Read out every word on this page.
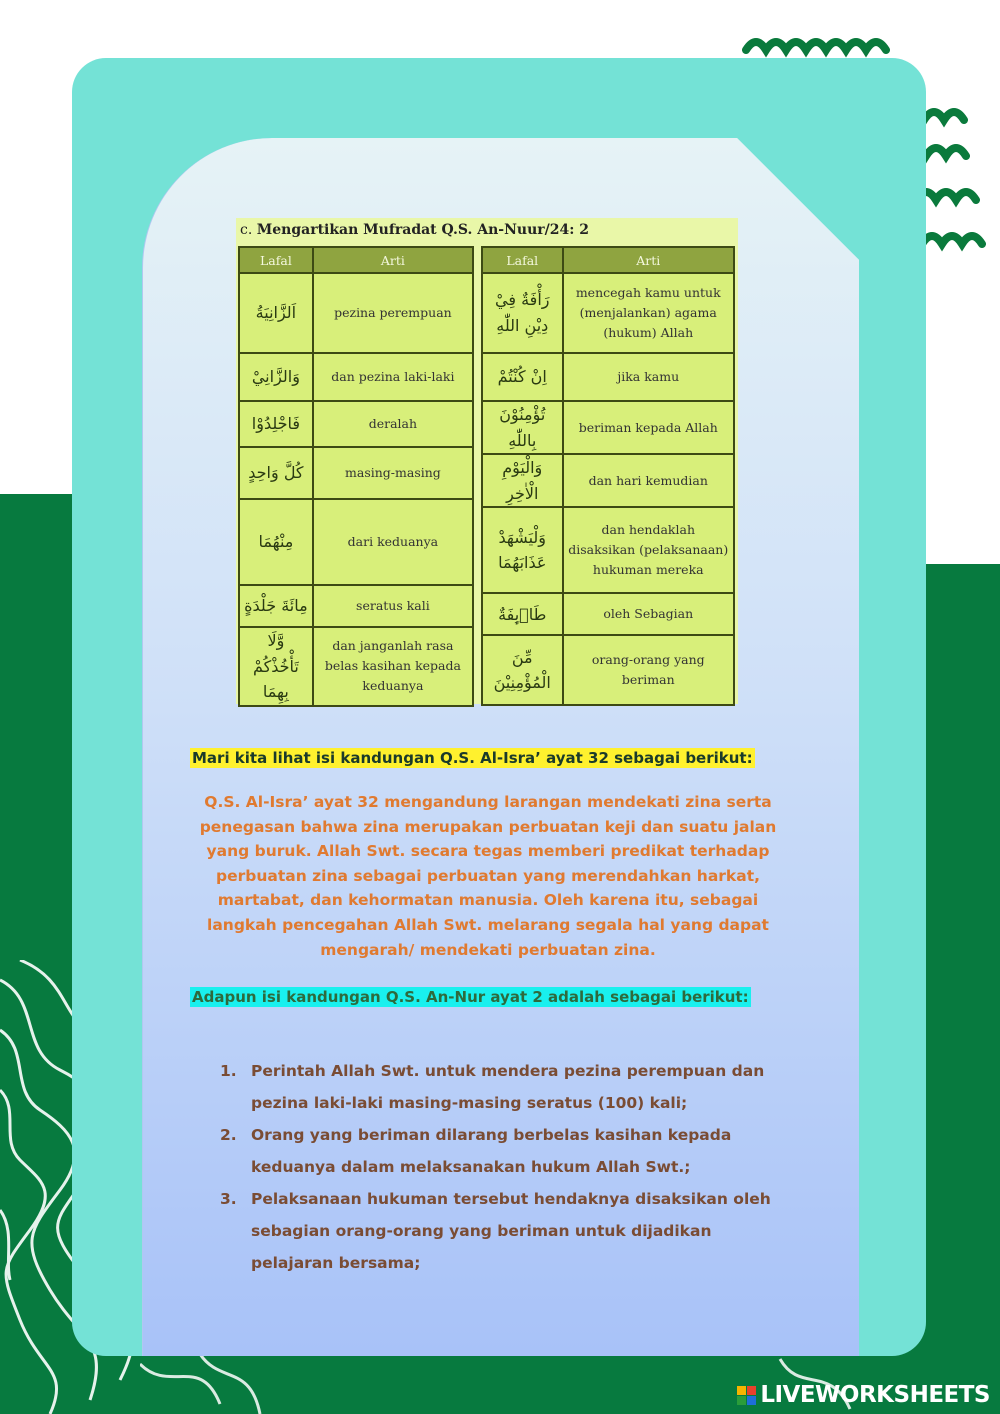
c. Mengartikan Mufradat Q.S. An-Nuur/24: 2
Lafal	Arti
اَلزَّانِيَةُ	pezina perempuan
وَالزَّانِيْ	dan pezina laki-laki
فَاجْلِدُوْا	deralah
كُلَّ وَاحِدٍ	masing-masing
مِنْهُمَا	dari keduanya
مِائَةَ جَلْدَةٍ	seratus kali
وَّلَا تَأْخُذْكُمْ بِهِمَا	dan janganlah rasa belas kasihan kepada keduanya
Lafal	Arti
رَأْفَةٌ فِيْ دِيْنِ اللّٰهِ	mencegah kamu untuk (menjalankan) agama (hukum) Allah
اِنْ كُنْتُمْ	jika kamu
تُؤْمِنُوْنَ بِاللّٰهِ	beriman kepada Allah
وَالْيَوْمِ الْاٰخِرِ	dan hari kemudian
وَلْيَشْهَدْ عَذَابَهُمَا	dan hendaklah disaksikan (pelaksanaan) hukuman mereka
طَاۤىِٕفَةٌ	oleh Sebagian
مِّنَ الْمُؤْمِنِيْنَ	orang-orang yang beriman
Mari kita lihat isi kandungan Q.S. Al-Isra’ ayat 32 sebagai berikut:
Q.S. Al-Isra’ ayat 32 mengandung larangan mendekati zina serta penegasan bahwa zina merupakan perbuatan keji dan suatu jalan yang buruk. Allah Swt. secara tegas memberi predikat terhadap perbuatan zina sebagai perbuatan yang merendahkan harkat, martabat, dan kehormatan manusia. Oleh karena itu, sebagai langkah pencegahan Allah Swt. melarang segala hal yang dapat mengarah/ mendekati perbuatan zina.
Adapun isi kandungan Q.S. An-Nur ayat 2 adalah sebagai berikut:
1. Perintah Allah Swt. untuk mendera pezina perempuan dan pezina laki-laki masing-masing seratus (100) kali;
2. Orang yang beriman dilarang berbelas kasihan kepada keduanya dalam melaksanakan hukum Allah Swt.;
3. Pelaksanaan hukuman tersebut hendaknya disaksikan oleh sebagian orang-orang yang beriman untuk dijadikan pelajaran bersama;
LIVEWORKSHEETS
